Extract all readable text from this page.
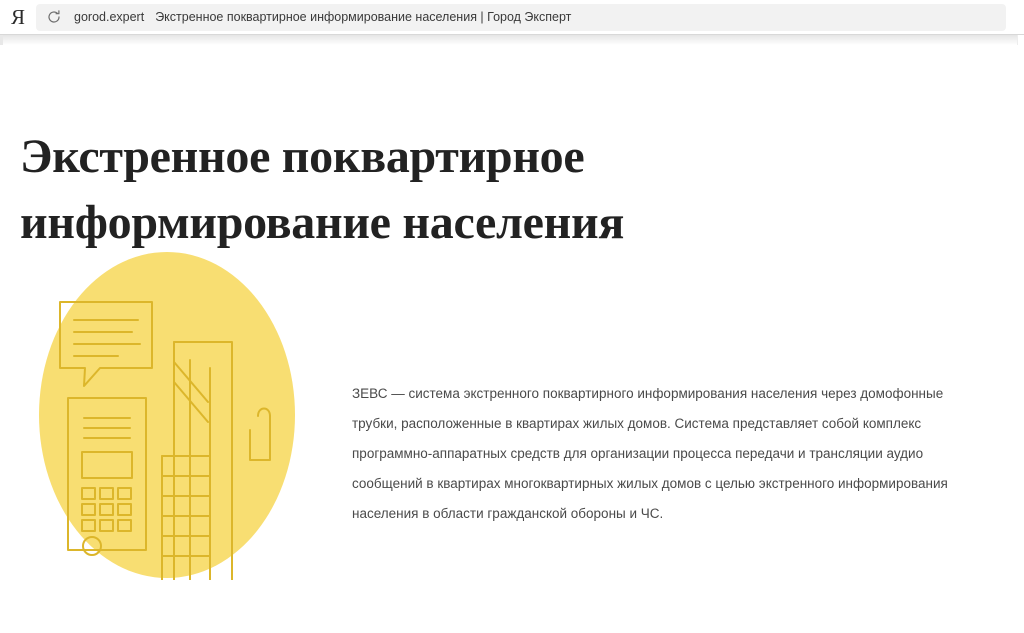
Я	gorod.expert Экстренное поквартирное информирование населения | Город Эксперт
Экстренное поквартирное информирование населения

ЗЕВС — система экстренного поквартирного информирования населения через домофонные трубки, расположенные в квартирах жилых домов. Система представляет собой комплекс программно-аппаратных средств для организации процесса передачи и трансляции аудио сообщений в квартирах многоквартирных жилых домов с целью экстренного информирования населения в области гражданской обороны и ЧС.
